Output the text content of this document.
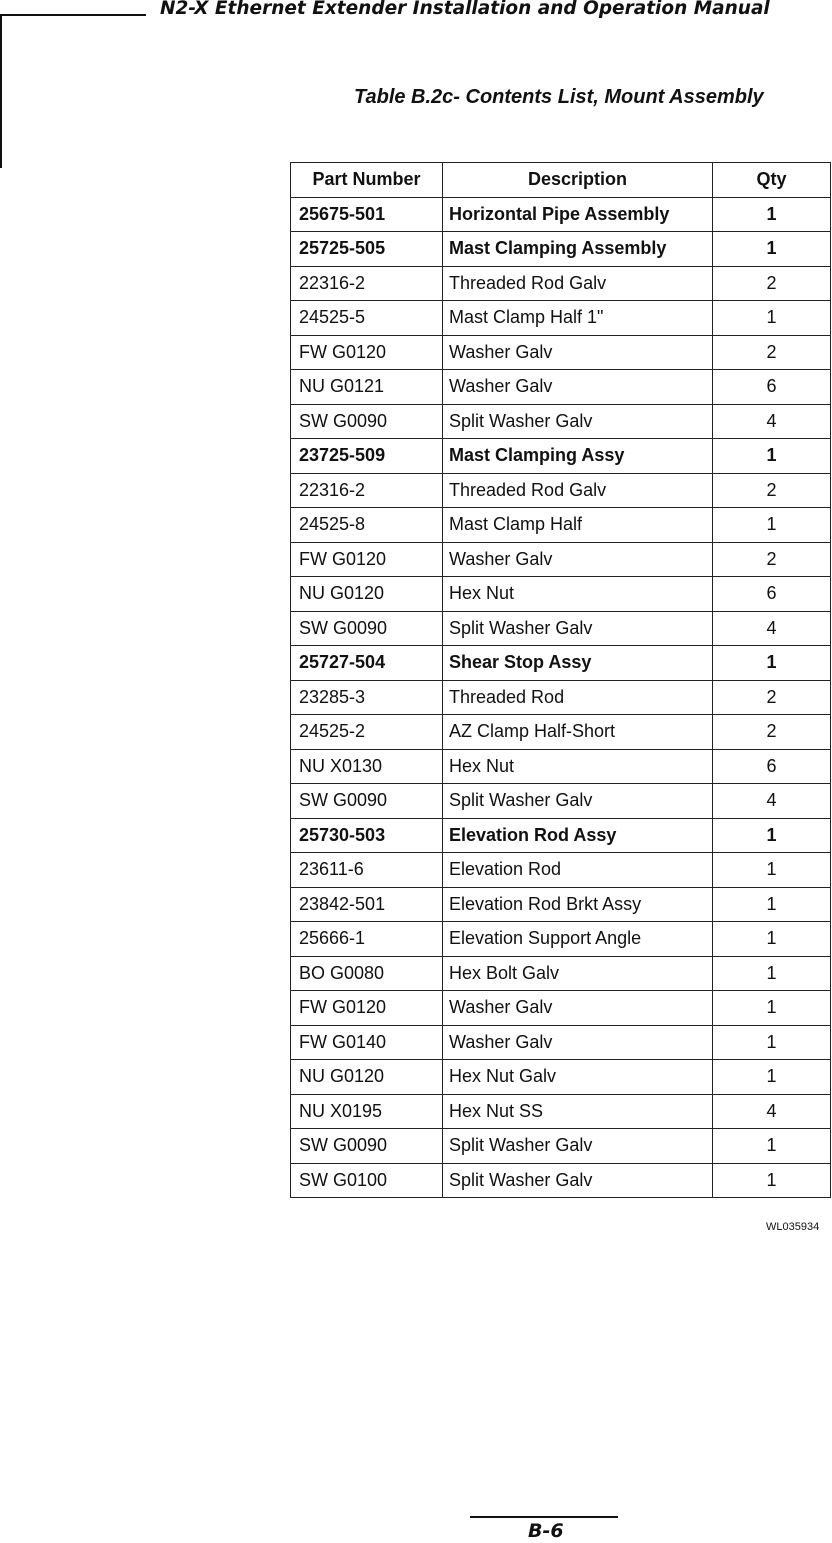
N2-X Ethernet Extender Installation and Operation Manual
Table B.2c- Contents List, Mount Assembly
Part Number	Description	Qty
25675-501	Horizontal Pipe Assembly	1
25725-505	Mast Clamping Assembly	1
22316-2	Threaded Rod Galv	2
24525-5	Mast Clamp Half 1"	1
FW G0120	Washer Galv	2
NU G0121	Washer Galv	6
SW G0090	Split Washer Galv	4
23725-509	Mast Clamping Assy	1
22316-2	Threaded Rod Galv	2
24525-8	Mast Clamp Half	1
FW G0120	Washer Galv	2
NU G0120	Hex Nut	6
SW G0090	Split Washer Galv	4
25727-504	Shear Stop Assy	1
23285-3	Threaded Rod	2
24525-2	AZ Clamp Half-Short	2
NU X0130	Hex Nut	6
SW G0090	Split Washer Galv	4
25730-503	Elevation Rod Assy	1
23611-6	Elevation Rod	1
23842-501	Elevation Rod Brkt Assy	1
25666-1	Elevation Support Angle	1
BO G0080	Hex Bolt Galv	1
FW G0120	Washer Galv	1
FW G0140	Washer Galv	1
NU G0120	Hex Nut Galv	1
NU X0195	Hex Nut SS	4
SW G0090	Split Washer Galv	1
SW G0100	Split Washer Galv	1
WL035934
B-6
